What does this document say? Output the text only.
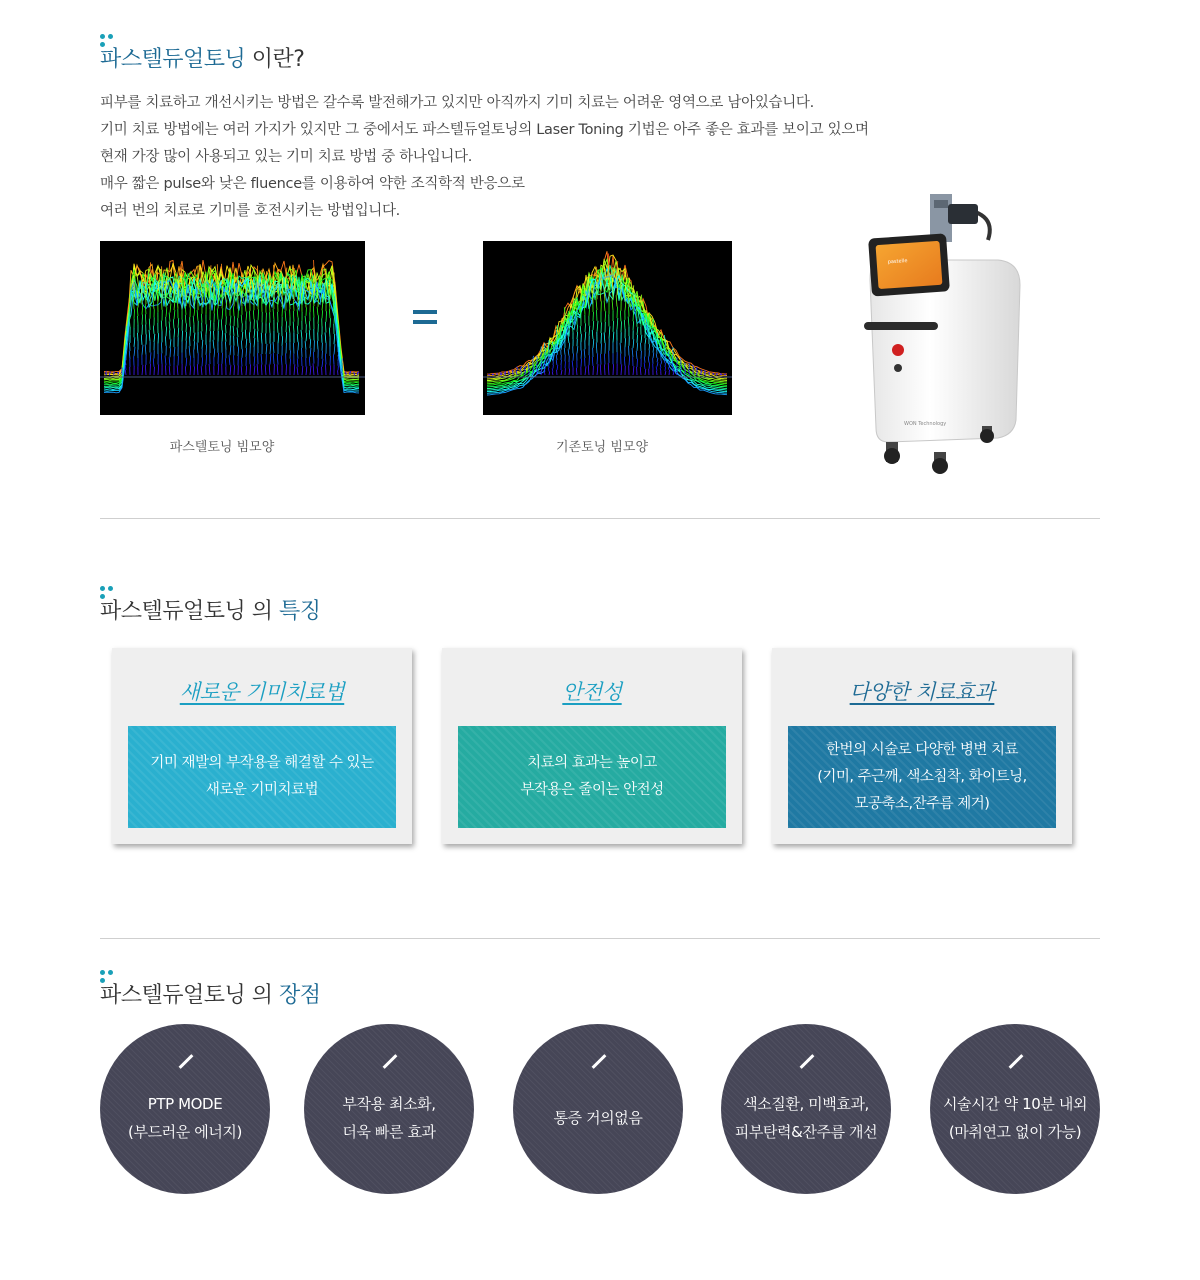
파스텔듀얼토닝 이란?

피부를 치료하고 개선시키는 방법은 갈수록 발전해가고 있지만 아직까지 기미 치료는 어려운 영역으로 남아있습니다.

기미 치료 방법에는 여러 가지가 있지만 그 중에서도 파스텔듀얼토닝의 Laser Toning 기법은 아주 좋은 효과를 보이고 있으며

현재 가장 많이 사용되고 있는 기미 치료 방법 중 하나입니다.

매우 짧은 pulse와 낮은 fluence를 이용하여 약한 조직학적 반응으로

여러 번의 치료로 기미를 호전시키는 방법입니다.

파스텔토닝 빔모양	기존토닝 빔모양
pastelle
WON Technology
파스텔듀얼토닝 의 특징
새로운 기미치료법
기미 재발의 부작용을 해결할 수 있는
새로운 기미치료법
안전성
치료의 효과는 높이고
부작용은 줄이는 안전성
다양한 치료효과
한번의 시술로 다양한 병변 치료
(기미, 주근깨, 색소침착, 화이트닝,
모공축소,잔주름 제거)
파스텔듀얼토닝 의 장점
PTP MODE
(부드러운 에너지)
부작용 최소화,
더욱 빠른 효과
통증 거의없음
색소질환, 미백효과,
피부탄력&잔주름 개선
시술시간 약 10분 내외
(마취연고 없이 가능)
